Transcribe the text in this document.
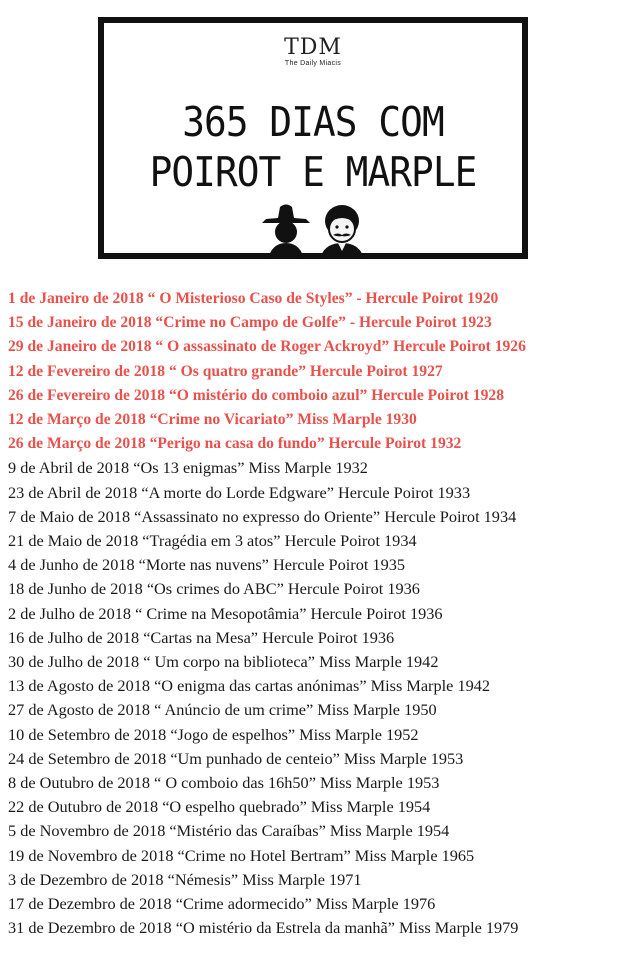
TDM
The Daily Miacis
365 DIAS COM
POIROT E MARPLE
1 de Janeiro de 2018 “ O Misterioso Caso de Styles” - Hercule Poirot 1920
15 de Janeiro de 2018 “Crime no Campo de Golfe” - Hercule Poirot 1923
29 de Janeiro de 2018 “ O assassinato de Roger Ackroyd” Hercule Poirot 1926
12 de Fevereiro de 2018 “ Os quatro grande” Hercule Poirot 1927
26 de Fevereiro de 2018 “O mistério do comboio azul” Hercule Poirot 1928
12 de Março de 2018 “Crime no Vicariato” Miss Marple 1930
26 de Março de 2018 “Perigo na casa do fundo” Hercule Poirot 1932
9 de Abril de 2018 “Os 13 enigmas” Miss Marple 1932
23 de Abril de 2018 “A morte do Lorde Edgware” Hercule Poirot 1933
7 de Maio de 2018 “Assassinato no expresso do Oriente” Hercule Poirot 1934
21 de Maio de 2018 “Tragédia em 3 atos” Hercule Poirot 1934
4 de Junho de 2018 “Morte nas nuvens” Hercule Poirot 1935
18 de Junho de 2018 “Os crimes do ABC” Hercule Poirot 1936
2 de Julho de 2018 “ Crime na Mesopotâmia” Hercule Poirot 1936
16 de Julho de 2018 “Cartas na Mesa” Hercule Poirot 1936
30 de Julho de 2018 “ Um corpo na biblioteca” Miss Marple 1942
13 de Agosto de 2018 “O enigma das cartas anónimas” Miss Marple 1942
27 de Agosto de 2018 “ Anúncio de um crime” Miss Marple 1950
10 de Setembro de 2018 “Jogo de espelhos” Miss Marple 1952
24 de Setembro de 2018 “Um punhado de centeio” Miss Marple 1953
8 de Outubro de 2018 “ O comboio das 16h50” Miss Marple 1953
22 de Outubro de 2018 “O espelho quebrado” Miss Marple 1954
5 de Novembro de 2018 “Mistério das Caraíbas” Miss Marple 1954
19 de Novembro de 2018 “Crime no Hotel Bertram” Miss Marple 1965
3 de Dezembro de 2018 “Némesis” Miss Marple 1971
17 de Dezembro de 2018 “Crime adormecido” Miss Marple 1976
31 de Dezembro de 2018 “O mistério da Estrela da manhã” Miss Marple 1979
